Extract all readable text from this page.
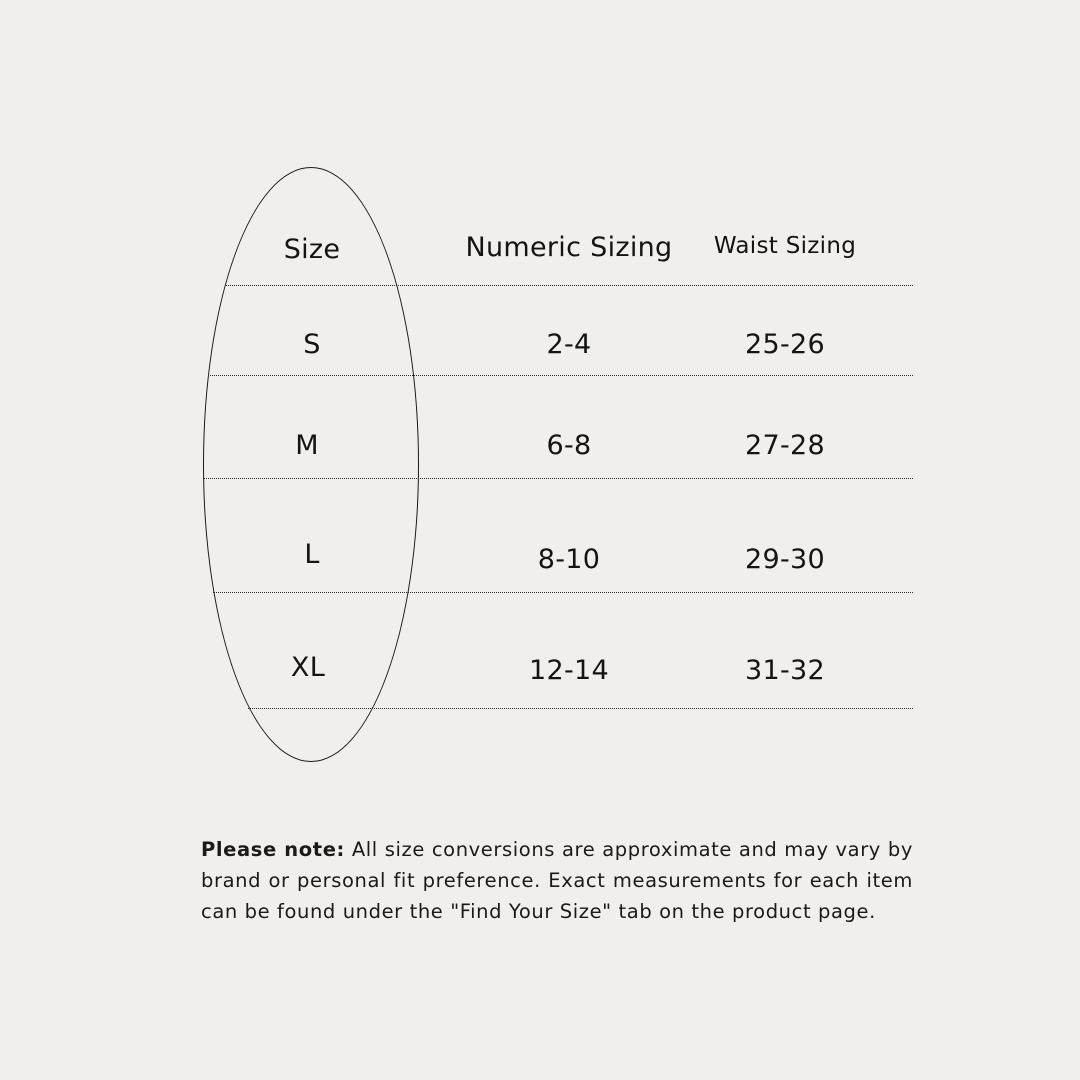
Size	Numeric Sizing	Waist Sizing
S	2-4	25-26
M	6-8	27-28
L	8-10	29-30
XL	12-14	31-32

Please note: All size conversions are approximate and may vary by brand or personal fit preference. Exact measurements for each item can be found under the "Find Your Size" tab on the product page.
